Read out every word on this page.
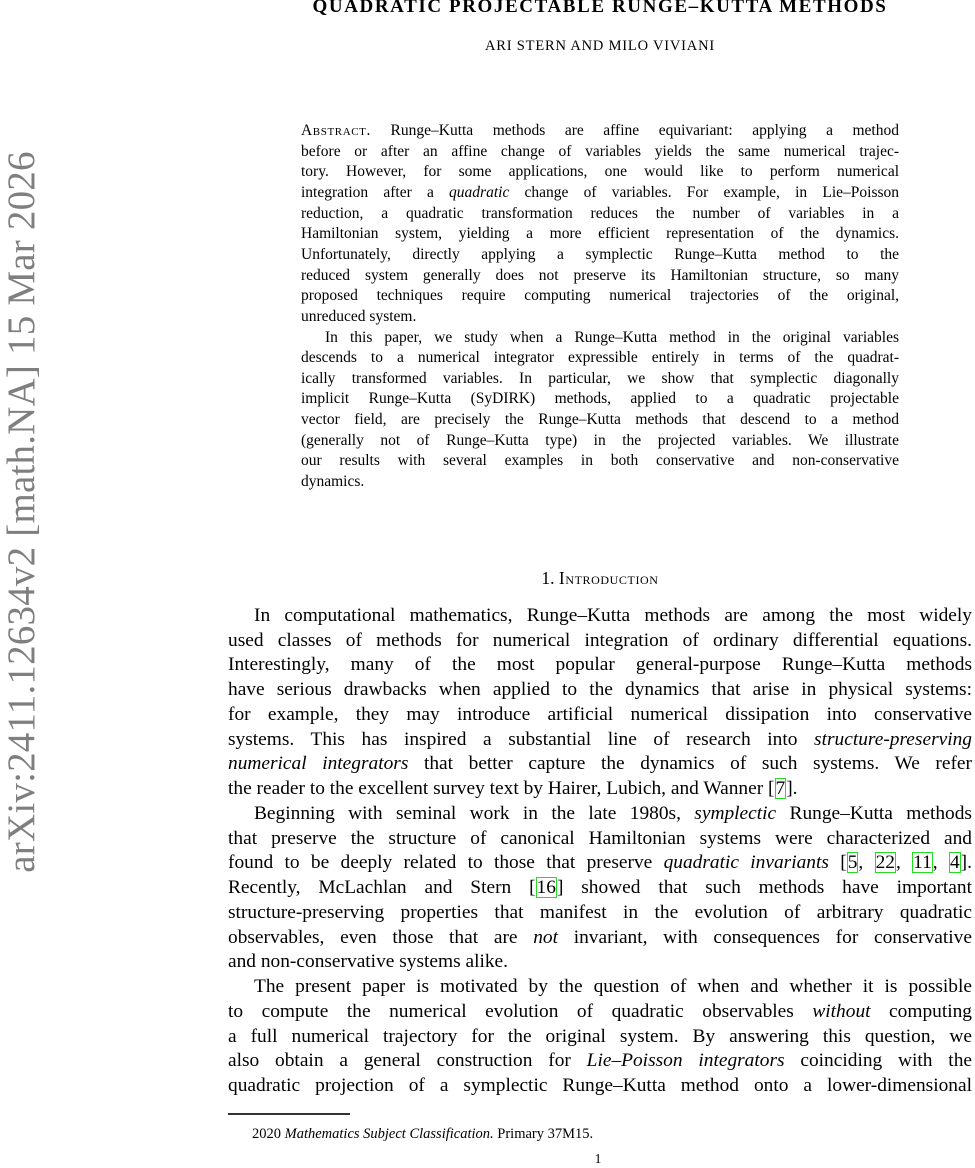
arXiv:2411.12634v2 [math.NA] 15 Mar 2026
QUADRATIC PROJECTABLE RUNGE–KUTTA METHODS
ARI STERN AND MILO VIVIANI
Abstract. Runge–Kutta methods are affine equivariant: applying a method
before or after an affine change of variables yields the same numerical trajec-
tory. However, for some applications, one would like to perform numerical
integration after a quadratic change of variables. For example, in Lie–Poisson
reduction, a quadratic transformation reduces the number of variables in a
Hamiltonian system, yielding a more efficient representation of the dynamics.
Unfortunately, directly applying a symplectic Runge–Kutta method to the
reduced system generally does not preserve its Hamiltonian structure, so many
proposed techniques require computing numerical trajectories of the original,
unreduced system.
In this paper, we study when a Runge–Kutta method in the original variables
descends to a numerical integrator expressible entirely in terms of the quadrat-
ically transformed variables. In particular, we show that symplectic diagonally
implicit Runge–Kutta (SyDIRK) methods, applied to a quadratic projectable
vector field, are precisely the Runge–Kutta methods that descend to a method
(generally not of Runge–Kutta type) in the projected variables. We illustrate
our results with several examples in both conservative and non-conservative
dynamics.
1. Introduction
In computational mathematics, Runge–Kutta methods are among the most widely
used classes of methods for numerical integration of ordinary differential equations.
Interestingly, many of the most popular general-purpose Runge–Kutta methods
have serious drawbacks when applied to the dynamics that arise in physical systems:
for example, they may introduce artificial numerical dissipation into conservative
systems. This has inspired a substantial line of research into structure-preserving
numerical integrators that better capture the dynamics of such systems. We refer
the reader to the excellent survey text by Hairer, Lubich, and Wanner [7].
Beginning with seminal work in the late 1980s, symplectic Runge–Kutta methods
that preserve the structure of canonical Hamiltonian systems were characterized and
found to be deeply related to those that preserve quadratic invariants [5, 22, 11, 4].
Recently, McLachlan and Stern [16] showed that such methods have important
structure-preserving properties that manifest in the evolution of arbitrary quadratic
observables, even those that are not invariant, with consequences for conservative
and non-conservative systems alike.
The present paper is motivated by the question of when and whether it is possible
to compute the numerical evolution of quadratic observables without computing
a full numerical trajectory for the original system. By answering this question, we
also obtain a general construction for Lie–Poisson integrators coinciding with the
quadratic projection of a symplectic Runge–Kutta method onto a lower-dimensional
2020 Mathematics Subject Classification. Primary 37M15.
1
